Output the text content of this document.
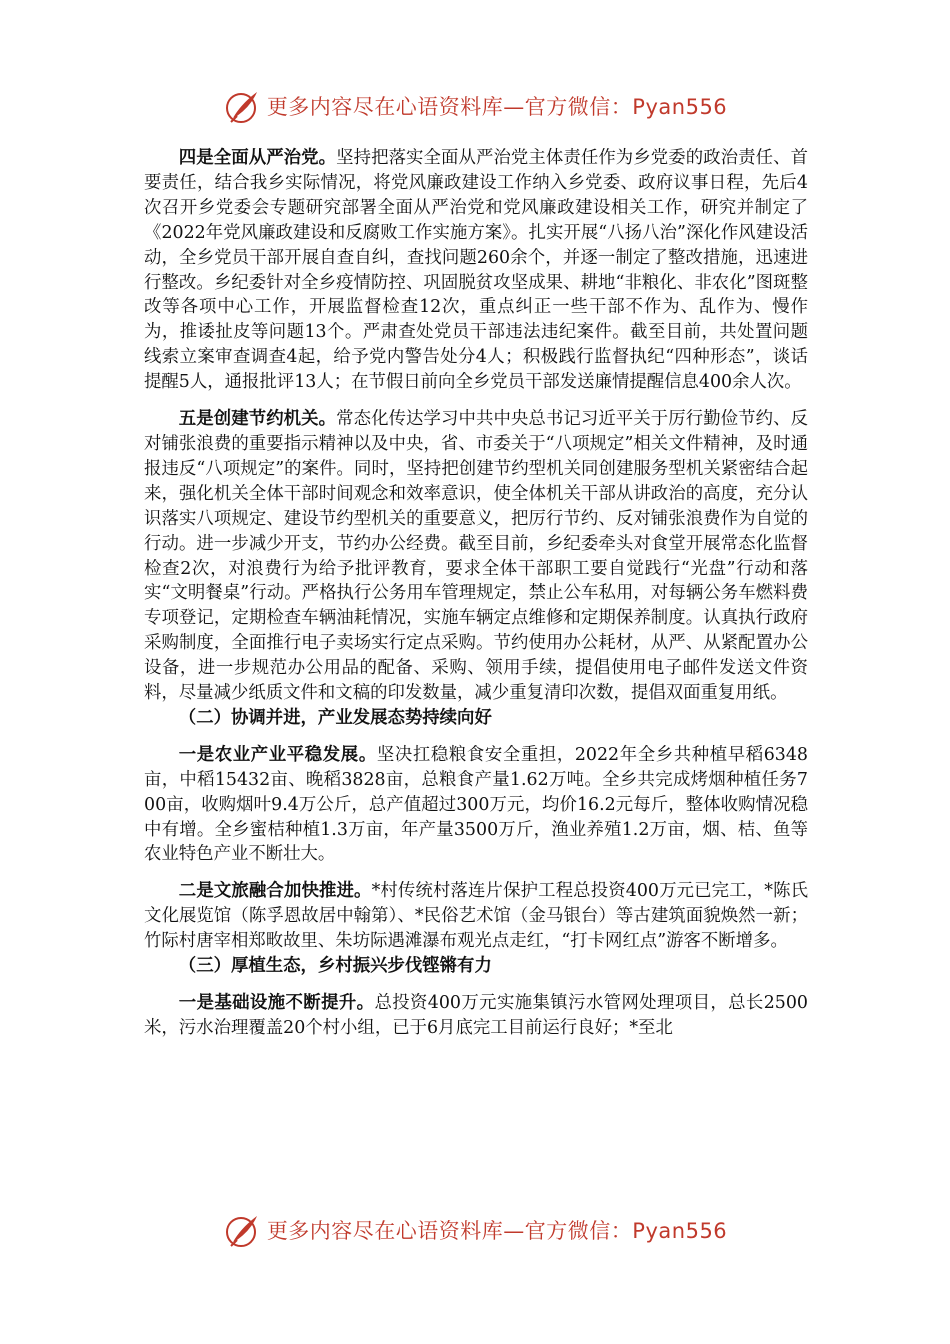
更多内容尽在心语资料库—官方微信：Pyan556

四是全面从严治党。坚持把落实全面从严治党主体责任作为乡党委的政治责任、首要责任，结合我乡实际情况，将党风廉政建设工作纳入乡党委、政府议事日程，先后4次召开乡党委会专题研究部署全面从严治党和党风廉政建设相关工作，研究并制定了《2022年党风廉政建设和反腐败工作实施方案》。扎实开展“八扬八治”深化作风建设活动，全乡党员干部开展自查自纠，查找问题260余个，并逐一制定了整改措施，迅速进行整改。乡纪委针对全乡疫情防控、巩固脱贫攻坚成果、耕地“非粮化、非农化”图斑整改等各项中心工作，开展监督检查12次，重点纠正一些干部不作为、乱作为、慢作为，推诿扯皮等问题13个。严肃查处党员干部违法违纪案件。截至目前，共处置问题线索立案审查调查4起，给予党内警告处分4人；积极践行监督执纪“四种形态”，谈话提醒5人，通报批评13人；在节假日前向全乡党员干部发送廉情提醒信息400余人次。

五是创建节约机关。常态化传达学习中共中央总书记习近平关于厉行勤俭节约、反对铺张浪费的重要指示精神以及中央，省、市委关于“八项规定”相关文件精神，及时通报违反“八项规定”的案件。同时，坚持把创建节约型机关同创建服务型机关紧密结合起来，强化机关全体干部时间观念和效率意识，使全体机关干部从讲政治的高度，充分认识落实八项规定、建设节约型机关的重要意义，把厉行节约、反对铺张浪费作为自觉的行动。进一步减少开支，节约办公经费。截至目前，乡纪委牵头对食堂开展常态化监督检查2次，对浪费行为给予批评教育，要求全体干部职工要自觉践行“光盘”行动和落实“文明餐桌”行动。严格执行公务用车管理规定，禁止公车私用，对每辆公务车燃料费专项登记，定期检查车辆油耗情况，实施车辆定点维修和定期保养制度。认真执行政府采购制度，全面推行电子卖场实行定点采购。节约使用办公耗材，从严、从紧配置办公设备，进一步规范办公用品的配备、采购、领用手续，提倡使用电子邮件发送文件资料，尽量减少纸质文件和文稿的印发数量，减少重复清印次数，提倡双面重复用纸。

（二）协调并进，产业发展态势持续向好

一是农业产业平稳发展。坚决扛稳粮食安全重担，2022年全乡共种植早稻6348亩，中稻15432亩、晚稻3828亩，总粮食产量1.62万吨。全乡共完成烤烟种植任务700亩，收购烟叶9.4万公斤，总产值超过300万元，均价16.2元每斤，整体收购情况稳中有增。全乡蜜桔种植1.3万亩，年产量3500万斤，渔业养殖1.2万亩，烟、桔、鱼等农业特色产业不断壮大。

二是文旅融合加快推进。*村传统村落连片保护工程总投资400万元已完工，*陈氏文化展览馆（陈孚恩故居中翰第）、*民俗艺术馆（金马银台）等古建筑面貌焕然一新；竹际村唐宰相郑畋故里、朱坊际遇滩瀑布观光点走红，“打卡网红点”游客不断增多。

（三）厚植生态，乡村振兴步伐铿锵有力

一是基础设施不断提升。总投资400万元实施集镇污水管网处理项目，总长2500米，污水治理覆盖20个村小组，已于6月底完工目前运行良好；*至北

更多内容尽在心语资料库—官方微信：Pyan556
